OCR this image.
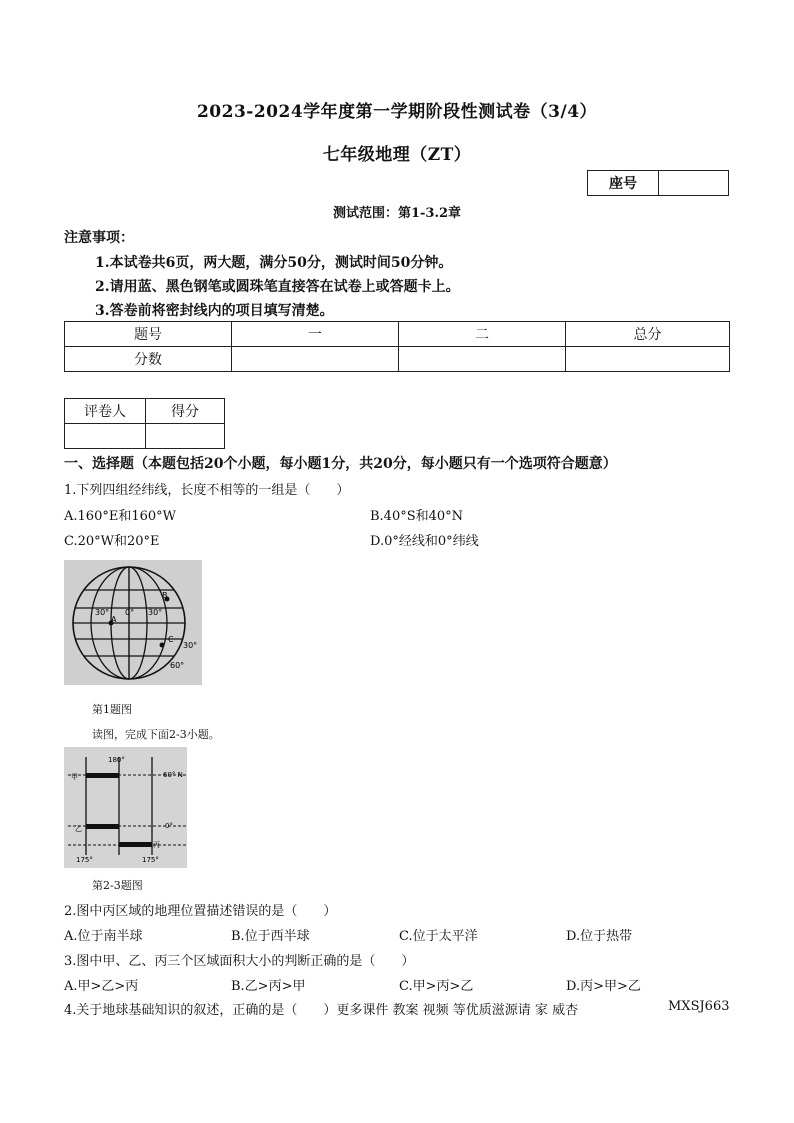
2023-2024学年度第一学期阶段性测试卷（3/4）
七年级地理（ZT）
座号
测试范围：第1-3.2章
注意事项：
1.本试卷共6页，两大题，满分50分，测试时间50分钟。
2.请用蓝、黑色钢笔或圆珠笔直接答在试卷上或答题卡上。
3.答卷前将密封线内的项目填写清楚。
题号	一	二	总分
分数			
评卷人	得分

一、选择题（本题包括20个小题，每小题1分，共20分，每小题只有一个选项符合题意）
1.下列四组经纬线，长度不相等的一组是（　　）
A.160°E和160°W	B.40°S和40°N
C.20°W和20°E	D.0°经线和0°纬线
30° 0° 30°
A
B
C
30°
60°
第1题图
读图，完成下面2-3小题。
180°
60° N
0°
甲
乙
丙
175°	175°
第2-3题图
2.图中丙区域的地理位置描述错误的是（　　）
A.位于南半球	B.位于西半球	C.位于太平洋	D.位于热带
3.图中甲、乙、丙三个区域面积大小的判断正确的是（　　）
A.甲>乙>丙	B.乙>丙>甲	C.甲>丙>乙	D.丙>甲>乙
4.关于地球基础知识的叙述，正确的是（　　）更多课件 教案 视频 等优质滋源请 家 威杏	MXSJ663
